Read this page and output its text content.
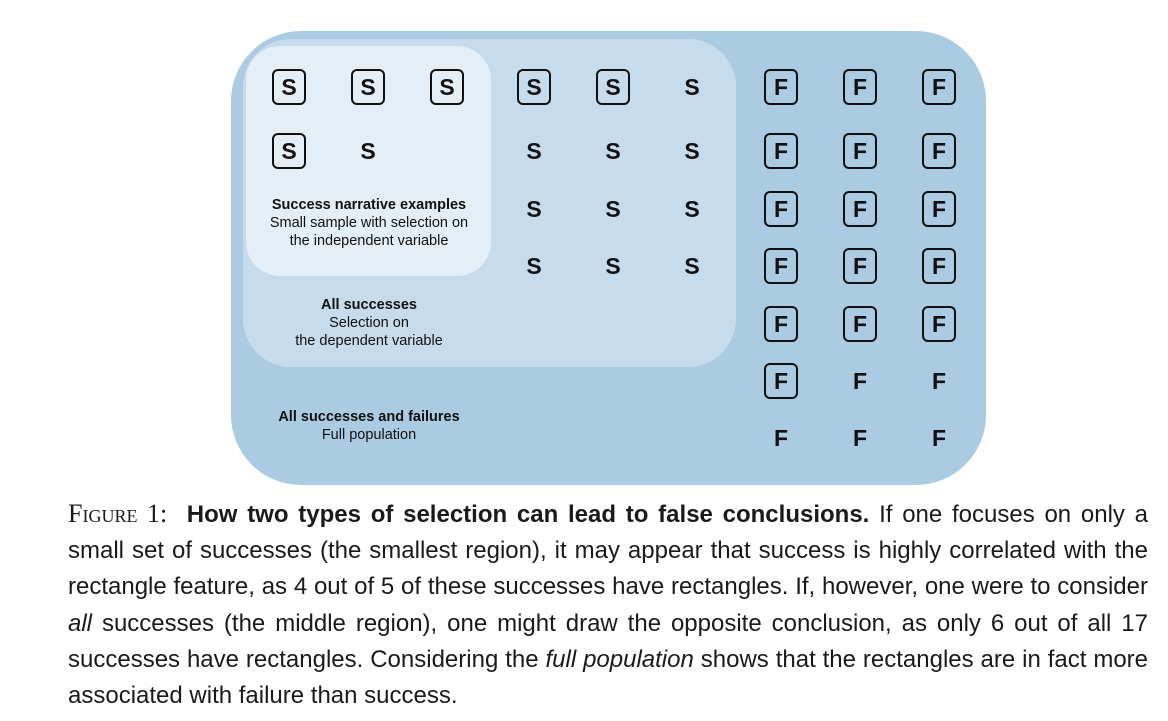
S	S	S	S	S	S	F	F	F
S	S	S	S	S	F	F	F
S	S	S	F	F	F
S	S	S	F	F	F
F	F	F
F	F	F
F	F	F
Success narrative examples
Small sample with selection on
the independent variable
All successes
Selection on
the dependent variable
All successes and failures
Full population
Figure 1: How two types of selection can lead to false conclusions. If one focuses on only a small set of successes (the smallest region), it may appear that success is highly correlated with the rectangle feature, as 4 out of 5 of these successes have rectangles. If, however, one were to consider all successes (the middle region), one might draw the opposite conclusion, as only 6 out of all 17 successes have rectangles. Considering the full population shows that the rectangles are in fact more associated with failure than success.
